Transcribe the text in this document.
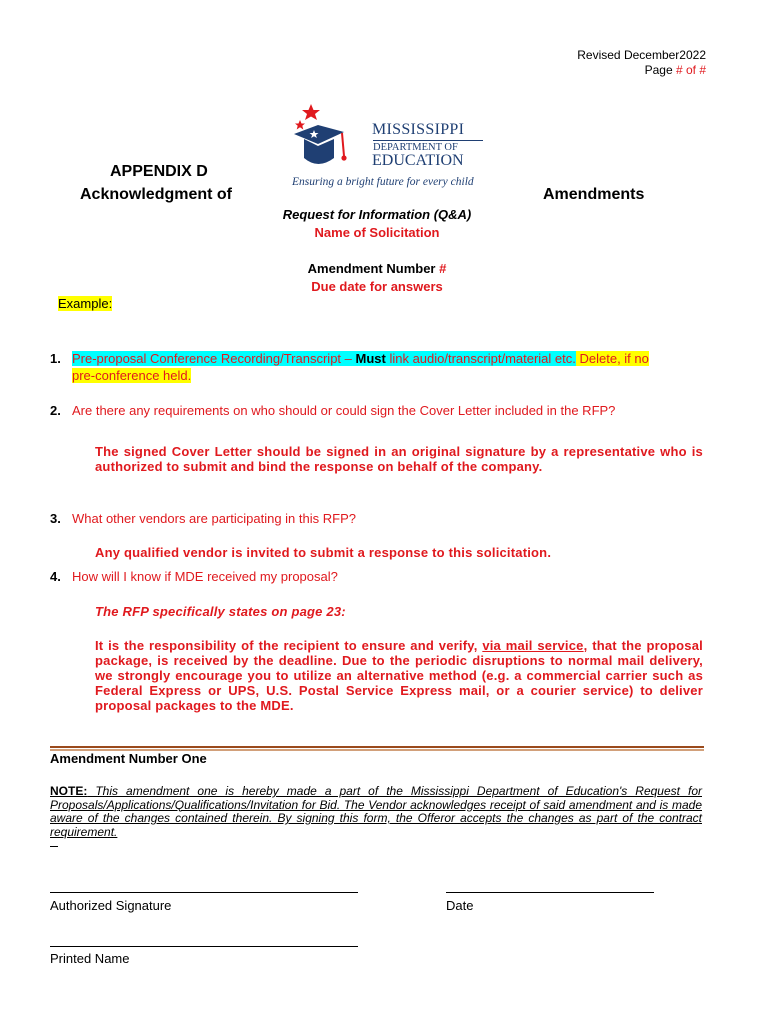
Revised December2022
Page # of #
MISSISSIPPI
DEPARTMENT OF
EDUCATION
Ensuring a bright future for every child
APPENDIX D
Acknowledgment of	Amendments
Request for Information (Q&A)
Name of Solicitation
Amendment Number #
Due date for answers
Example:
1. Pre-proposal Conference Recording/Transcript – Must link audio/transcript/material etc. Delete, if no
pre-conference held.
2. Are there any requirements on who should or could sign the Cover Letter included in the RFP?
The signed Cover Letter should be signed in an original signature by a representative who is authorized to submit and bind the response on behalf of the company.
3. What other vendors are participating in this RFP?
Any qualified vendor is invited to submit a response to this solicitation.
4. How will I know if MDE received my proposal?
The RFP specifically states on page 23:
It is the responsibility of the recipient to ensure and verify, via mail service, that the proposal package, is received by the deadline. Due to the periodic disruptions to normal mail delivery, we strongly encourage you to utilize an alternative method (e.g. a commercial carrier such as Federal Express or UPS, U.S. Postal Service Express mail, or a courier service) to deliver proposal packages to the MDE.
Amendment Number One
NOTE: This amendment one is hereby made a part of the Mississippi Department of Education's Request for Proposals/Applications/Qualifications/Invitation for Bid. The Vendor acknowledges receipt of said amendment and is made aware of the changes contained therein. By signing this form, the Offeror accepts the changes as part of the contract requirement.
Authorized Signature	Date
Printed Name
